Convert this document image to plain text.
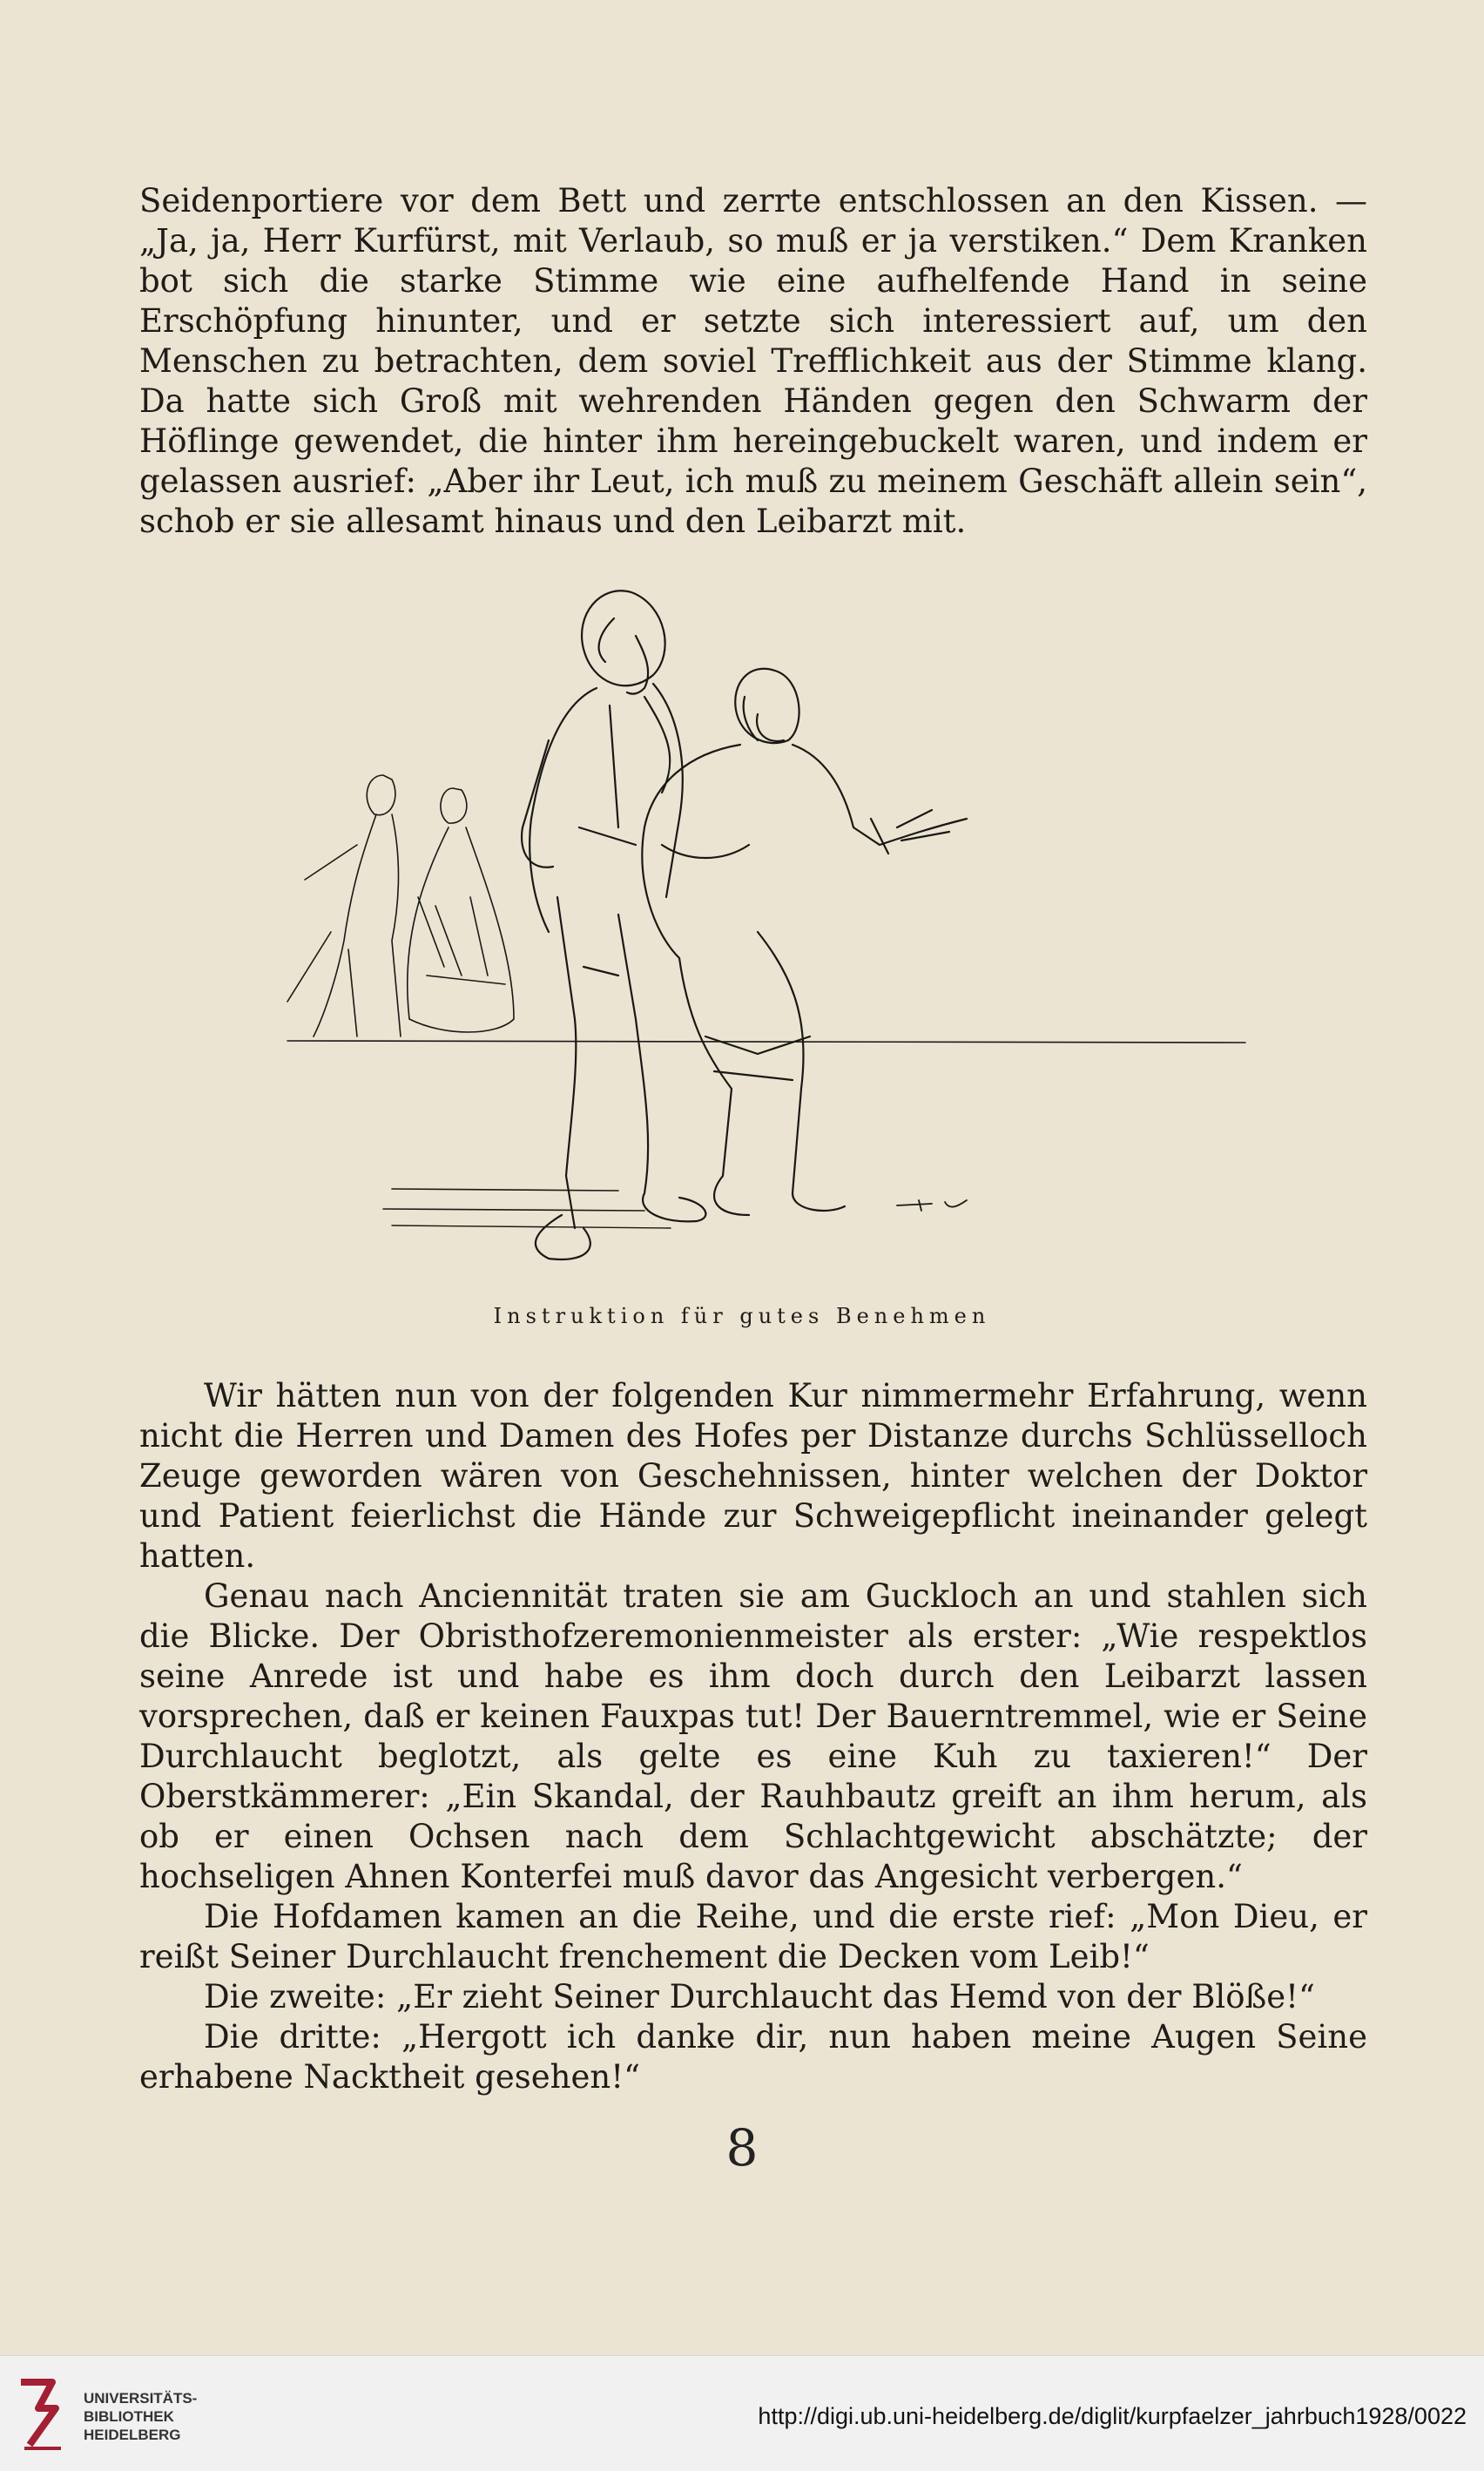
Seidenportiere vor dem Bett und zerrte entschlossen an den Kissen. — „Ja, ja, Herr Kurfürst, mit Verlaub, so muß er ja verstiken.“ Dem Kranken bot sich die starke Stimme wie eine aufhelfende Hand in seine Erschöpfung hinunter, und er setzte sich interessiert auf, um den Menschen zu betrachten, dem soviel Trefflichkeit aus der Stimme klang. Da hatte sich Groß mit wehrenden Händen gegen den Schwarm der Höflinge gewendet, die hinter ihm hereingebuckelt waren, und indem er gelassen ausrief: „Aber ihr Leut, ich muß zu meinem Geschäft allein sein“, schob er sie allesamt hinaus und den Leibarzt mit.

Instruktion für gutes Benehmen

Wir hätten nun von der folgenden Kur nimmermehr Erfahrung, wenn nicht die Herren und Damen des Hofes per Distanze durchs Schlüsselloch Zeuge geworden wären von Geschehnissen, hinter welchen der Doktor und Patient feierlichst die Hände zur Schweigepflicht ineinander gelegt hatten.

Genau nach Anciennität traten sie am Guckloch an und stahlen sich die Blicke. Der Obristhofzeremonienmeister als erster: „Wie respektlos seine Anrede ist und habe es ihm doch durch den Leibarzt lassen vorsprechen, daß er keinen Fauxpas tut! Der Bauerntremmel, wie er Seine Durchlaucht beglotzt, als gelte es eine Kuh zu taxieren!“ Der Oberstkämmerer: „Ein Skandal, der Rauhbautz greift an ihm herum, als ob er einen Ochsen nach dem Schlachtgewicht abschätzte; der hochseligen Ahnen Konterfei muß davor das Angesicht verbergen.“

Die Hofdamen kamen an die Reihe, und die erste rief: „Mon Dieu, er reißt Seiner Durchlaucht frenchement die Decken vom Leib!“

Die zweite: „Er zieht Seiner Durchlaucht das Hemd von der Blöße!“

Die dritte: „Hergott ich danke dir, nun haben meine Augen Seine erhabene Nacktheit gesehen!“

8
UNIVERSITÄTS-
BIBLIOTHEK
HEIDELBERG
http://digi.ub.uni-heidelberg.de/diglit/kurpfaelzer_jahrbuch1928/0022
